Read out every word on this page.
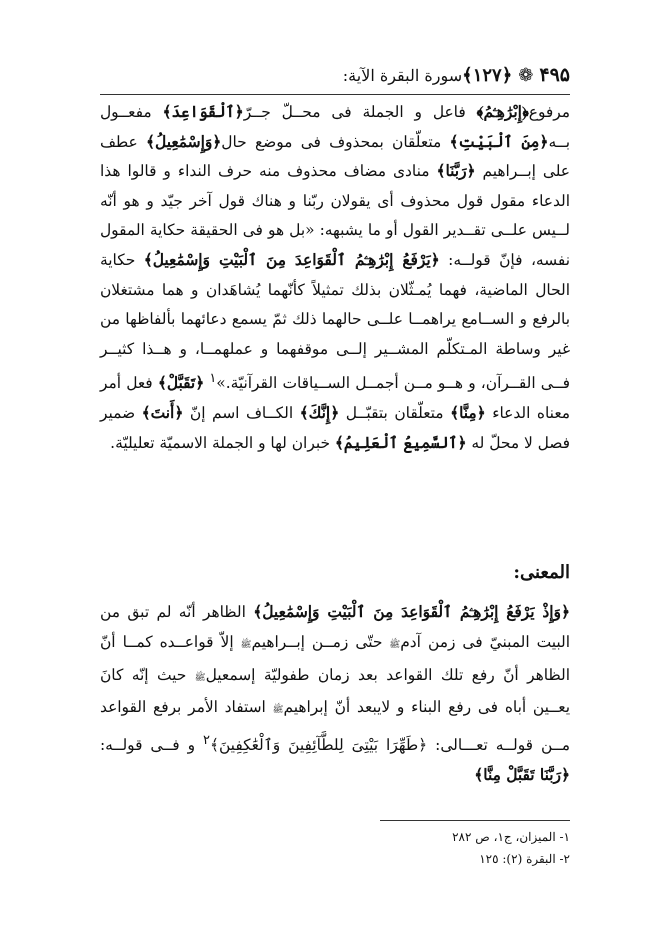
۴۹۵
❁
﴿١٢٧﴾
سورة البقرة الآية:

مرفوع﴿إِبْرَٰهِـۧمُ﴾ فاعل و الجملة فى محــلّ جــرّ﴿ٱلْقَوَاعِدَ﴾ مفعــول بــه﴿مِنَ ٱلْبَيْتِ﴾ متعلّقان بمحذوف فى موضع حال﴿وَإِسْمَٰعِيلُ﴾ عطف على إبــراهيم ﴿رَبَّنَا﴾ منادى مضاف محذوف منه حرف النداء و قالوا هذا الدعاء مقول قول محذوف أى يقولان ربّنا و هناك قول آخر جيّد و هو أنّه لــيس علــى تقــدير القول أو ما يشبهه: «بل هو فى الحقيقة حكاية المقول نفسه، فإنّ قولــه: ﴿يَرْفَعُ إِبْرَٰهِـۧمُ ٱلْقَوَاعِدَ مِنَ ٱلْبَيْتِ وَإِسْمَٰعِيلُ﴾ حكاية الحال الماضية، فهما يُمـثّلان بذلك تمثيلاً كأنّهما يُشاهَدان و هما مشتغلان بالرفع و الســامع يراهمــا علــى حالهما ذلك ثمّ يسمع دعائهما بألفاظها من غير وساطة المـتكلّم المشــير إلــى موقفهما و عملهمــا، و هــذا كثيــر فــى القــرآن، و هــو مــن أجمــل الســياقات القرآنيّة.»$^١$ ﴿تَقَبَّلْ﴾ فعل أمر معناه الدعاء ﴿مِنَّا﴾ متعلّقان بتقبّــل ﴿إِنَّكَ﴾ الكــاف اسم إنّ ﴿أَنتَ﴾ ضمير فصل لا محلّ له ﴿ٱلسَّمِيعُ ٱلْعَلِيمُ﴾ خبران لها و الجملة الاسميّة تعليليّة.

المعنى:

﴿وَإِذْ يَرْفَعُ إِبْرَٰهِـۧمُ ٱلْقَوَاعِدَ مِنَ ٱلْبَيْتِ وَإِسْمَٰعِيلُ﴾ الظاهر أنّه لم تبق من البيت المبنيّ فى زمن آدمﷺ حتّى زمــن إبــراهيمﷺ إلاّ قواعــده كمــا أنّ الظاهر أنّ رفع تلك القواعد بعد زمان طفوليّة إسمعيلﷺ حيث إنّه كانَ يعــين أباه فى رفع البناء و لايبعد أنّ إبراهيمﷺ استفاد الأمر برفع القواعد مــن قولــه تعـــالى: ﴿طَهِّرَا بَيْتِىَ لِلطَّآئِفِينَ وَٱلْعَٰكِفِينَ﴾$^٢$ و فــى قولــه: ﴿رَبَّنَا تَقَبَّلْ مِنَّا﴾

١- الميزان، ج١، ص ٢٨٢
٢- البقرة (٢): ١٢٥
